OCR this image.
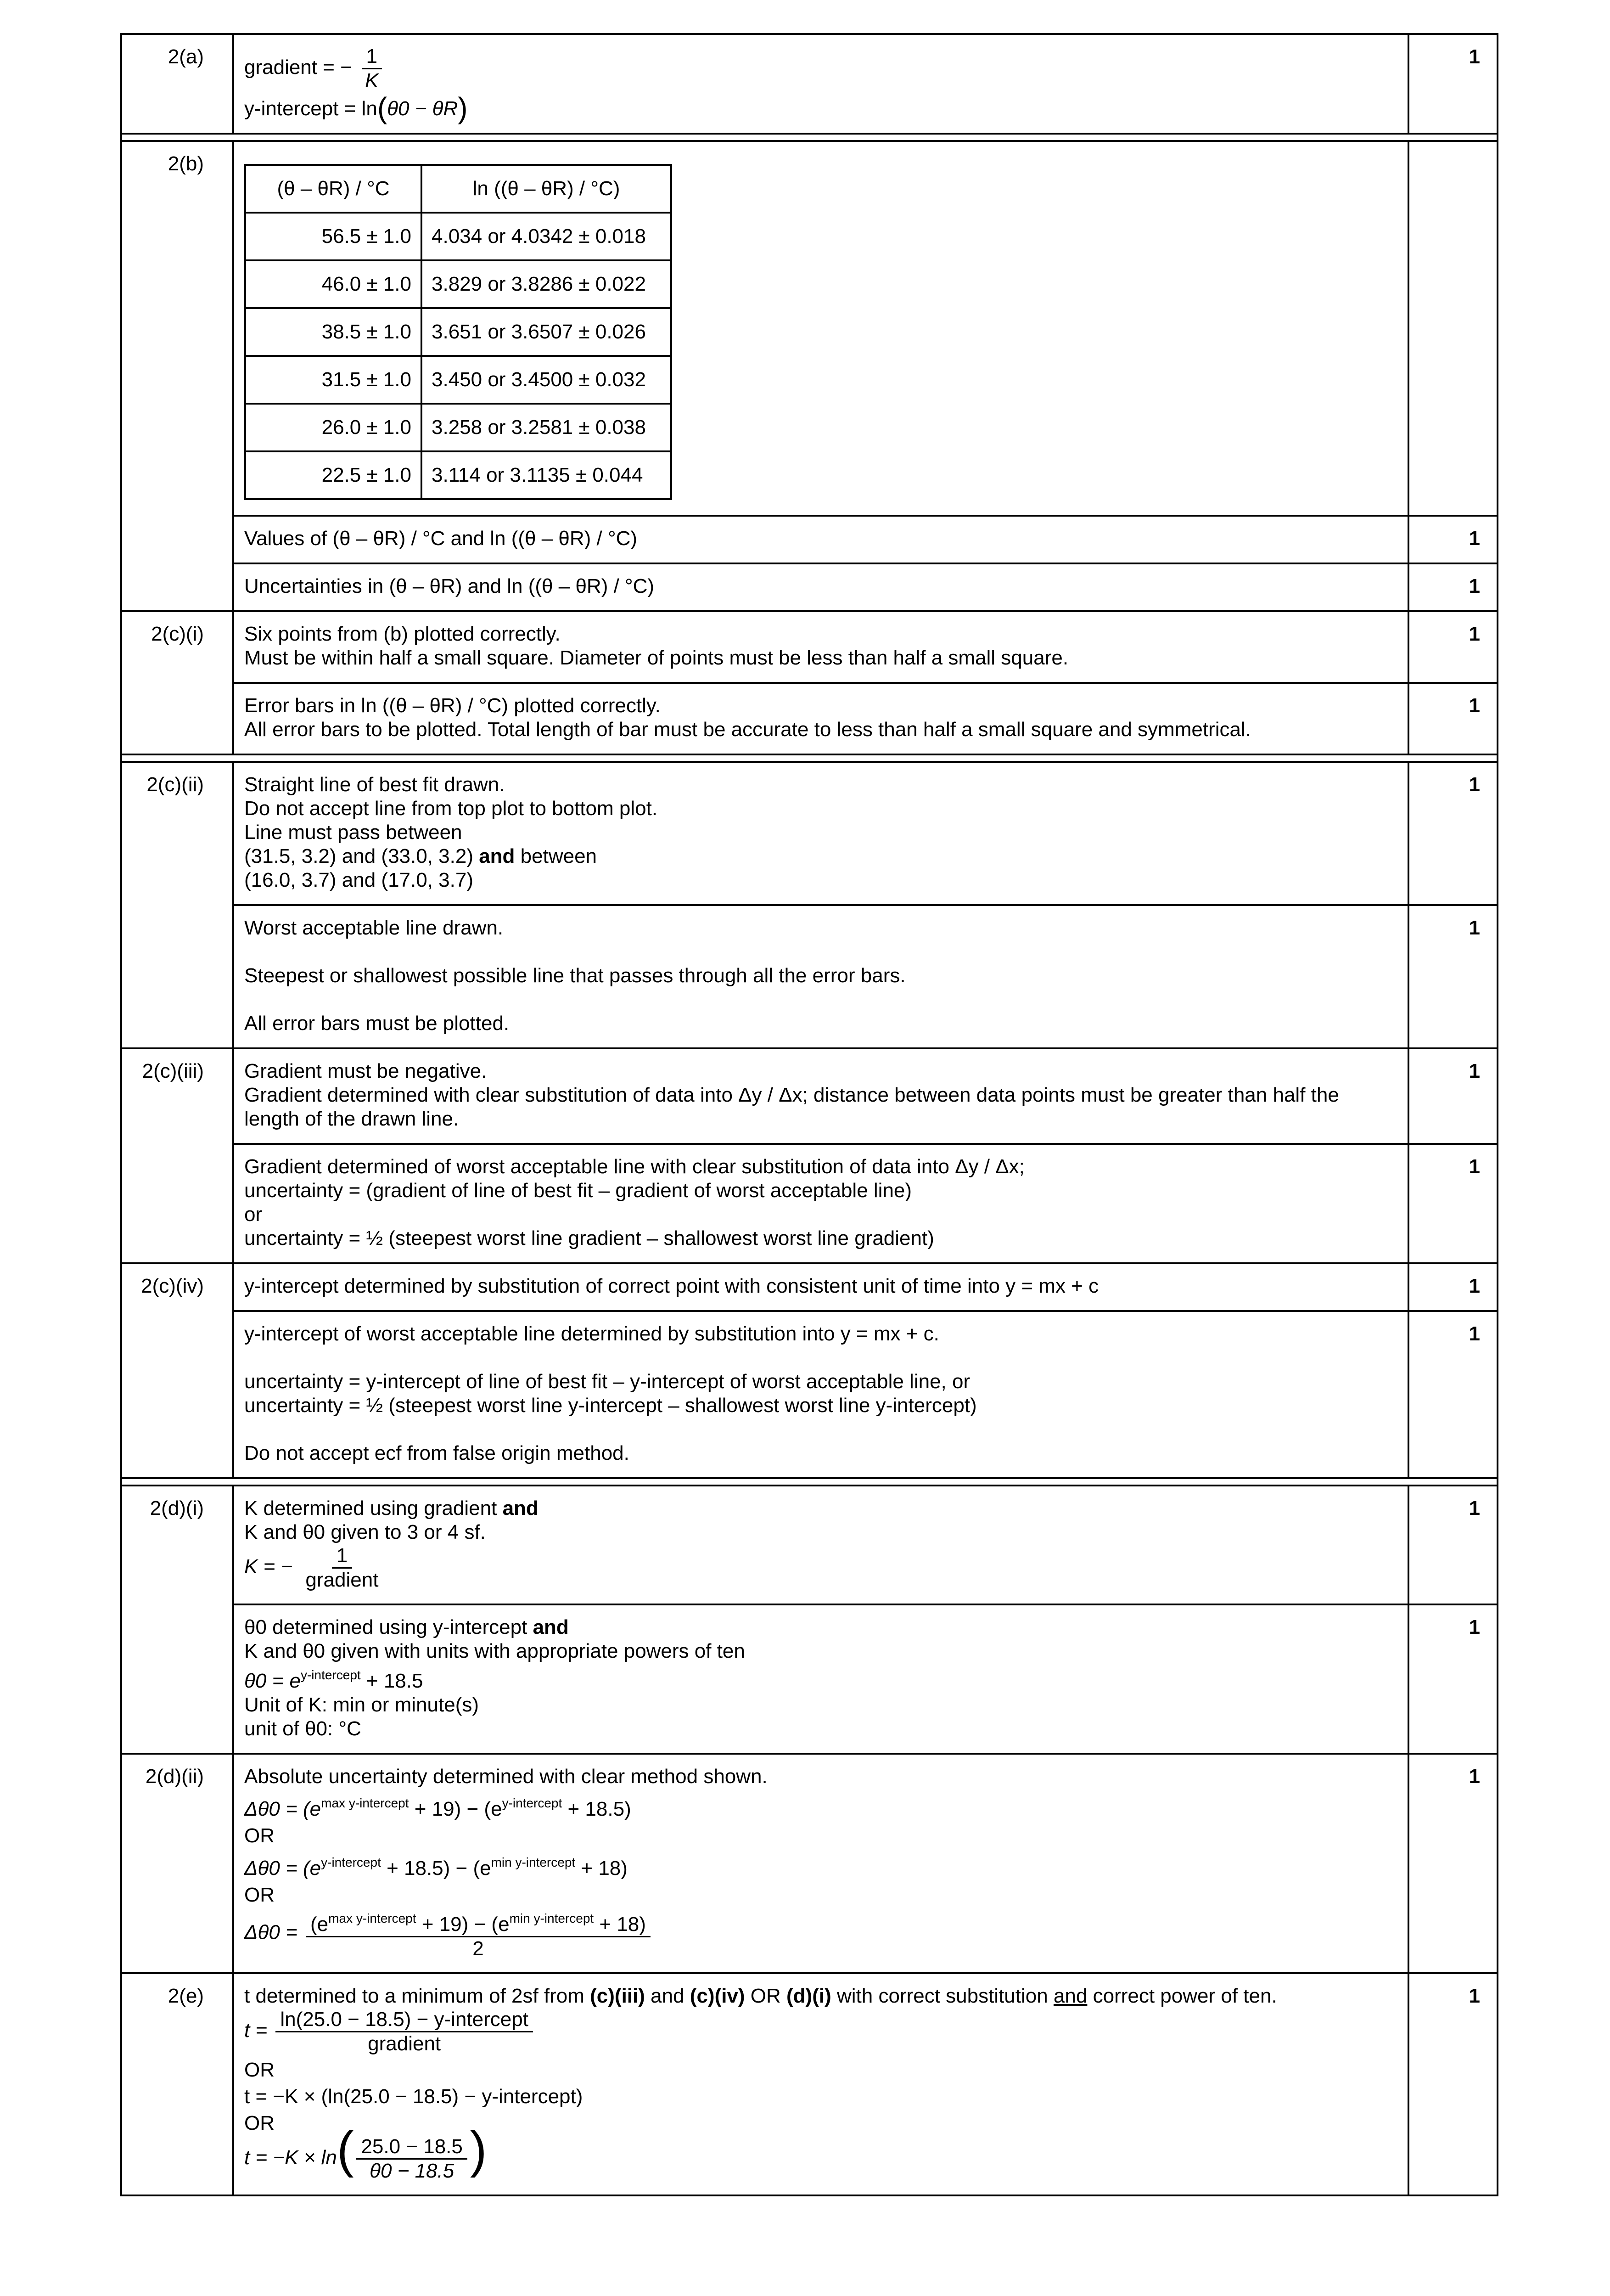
2(a)	gradient = − $\frac{1}{K}$
y-intercept = ln(θ0 − θR)
	1

2(b)	
(θ – θR) / °C	ln ((θ – θR) / °C)
56.5 ± 1.0	4.034 or 4.0342 ± 0.018
46.0 ± 1.0	3.829 or 3.8286 ± 0.022
38.5 ± 1.0	3.651 or 3.6507 ± 0.026
31.5 ± 1.0	3.450 or 3.4500 ± 0.032
26.0 ± 1.0	3.258 or 3.2581 ± 0.038
22.5 ± 1.0	3.114 or 3.1135 ± 0.044

Values of (θ – θR) / °C and ln ((θ – θR) / °C)	1
Uncertainties in (θ – θR) and ln ((θ – θR) / °C)	1
2(c)(i)	Six points from (b) plotted correctly.
Must be within half a small square. Diameter of points must be less than half a small square.
	1

Error bars in ln ((θ – θR) / °C) plotted correctly.
All error bars to be plotted. Total length of bar must be accurate to less than half a small square and symmetrical.
	1

2(c)(ii)	Straight line of best fit drawn.
Do not accept line from top plot to bottom plot.
Line must pass between
(31.5, 3.2) and (33.0, 3.2) and between
(16.0, 3.7) and (17.0, 3.7)
	1

Worst acceptable line drawn.
Steepest or shallowest possible line that passes through all the error bars.
All error bars must be plotted.
	1
2(c)(iii)	Gradient must be negative.
Gradient determined with clear substitution of data into Δy / Δx; distance between data points must be greater than half the length of the drawn line.
	1

Gradient determined of worst acceptable line with clear substitution of data into Δy / Δx;
uncertainty = (gradient of line of best fit – gradient of worst acceptable line)
or
uncertainty = ½ (steepest worst line gradient – shallowest worst line gradient)
	1
2(c)(iv)	y-intercept determined by substitution of correct point with consistent unit of time into y = mx + c	1

y-intercept of worst acceptable line determined by substitution into y = mx + c.
uncertainty = y-intercept of line of best fit – y-intercept of worst acceptable line, or
uncertainty = ½ (steepest worst line y-intercept – shallowest worst line y-intercept)
Do not accept ecf from false origin method.
	1

2(d)(i)	K determined using gradient and
K and θ0 given to 3 or 4 sf.
K = − $\frac{1}{\text{gradient}}$
	1

θ0 determined using y-intercept and
K and θ0 given with units with appropriate powers of ten
$\theta 0 = e^{y-intercept} + 18.5$
Unit of K: min or minute(s)
unit of θ0: °C
	1
2(d)(ii)	Absolute uncertainty determined with clear method shown.
$\Delta\theta 0 = (e^{max y-intercept} + 19) - (e^{y-intercept} + 18.5)$
OR
$\Delta\theta 0 = (e^{y-intercept} + 18.5) - (e^{min y-intercept} + 18)$
OR
$\Delta\theta 0 = \frac{(e^{max y-intercept} + 19) - (e^{min y-intercept} + 18)}{2}$
	1
2(e)	t determined to a minimum of 2sf from (c)(iii) and (c)(iv) OR (d)(i) with correct substitution and correct power of ten.
$t = \frac{\text{ln(25.0 − 18.5) − y-intercept}}{\text{gradient}}$
OR
t = −K × (ln(25.0 − 18.5) − y-intercept)
OR
$t = -K \times \ln( \frac{25.0 - 18.5}{\theta 0 - 18.5}$ )
	1
